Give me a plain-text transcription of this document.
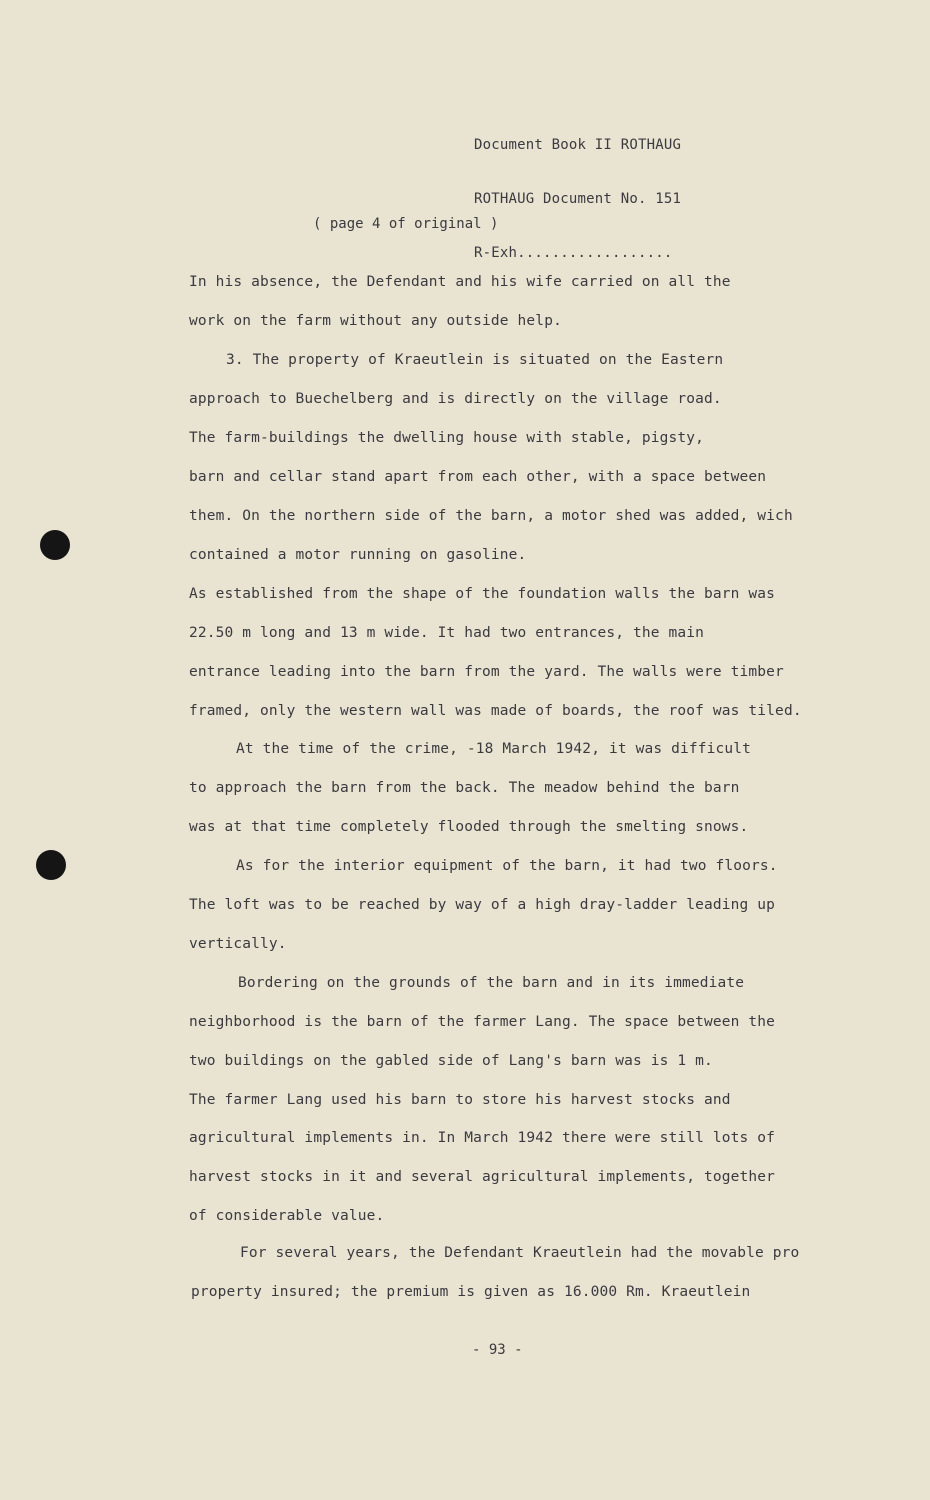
Document Book II ROTHAUG

ROTHAUG Document No. 151

R-Exh..................

( page 4 of original )
In his absence, the Defendant and his wife carried on all the
work on the farm without any outside help.
3. The property of Kraeutlein is situated on the Eastern
approach to Buechelberg and is directly on the village road.
The farm-buildings the dwelling house with stable, pigsty,
barn and cellar stand apart from each other, with a space between
them. On the northern side of the barn, a motor shed was added, wich
contained a motor running on gasoline.
As established from the shape of the foundation walls the barn was
22.50 m long and 13 m wide. It had two entrances, the main
entrance leading into the barn from the yard. The walls were timber
framed, only the western wall was made of boards, the roof was tiled.
At the time of the crime, -18 March 1942, it was difficult
to approach the barn from the back. The meadow behind the barn
was at that time completely flooded through the smelting snows.
As for the interior equipment of the barn, it had two floors.
The loft was to be reached by way of a high dray-ladder leading up
vertically.
Bordering on the grounds of the barn and in its immediate
neighborhood is the barn of the farmer Lang. The space between the
two buildings on the gabled side of Lang's barn was is 1 m.
The farmer Lang used his barn to store his harvest stocks and
agricultural implements in. In March 1942 there were still lots of
harvest stocks in it and several agricultural implements, together
of considerable value.
For several years, the Defendant Kraeutlein had the movable pro
property insured; the premium is given as 16.000 Rm. Kraeutlein
- 93 -
